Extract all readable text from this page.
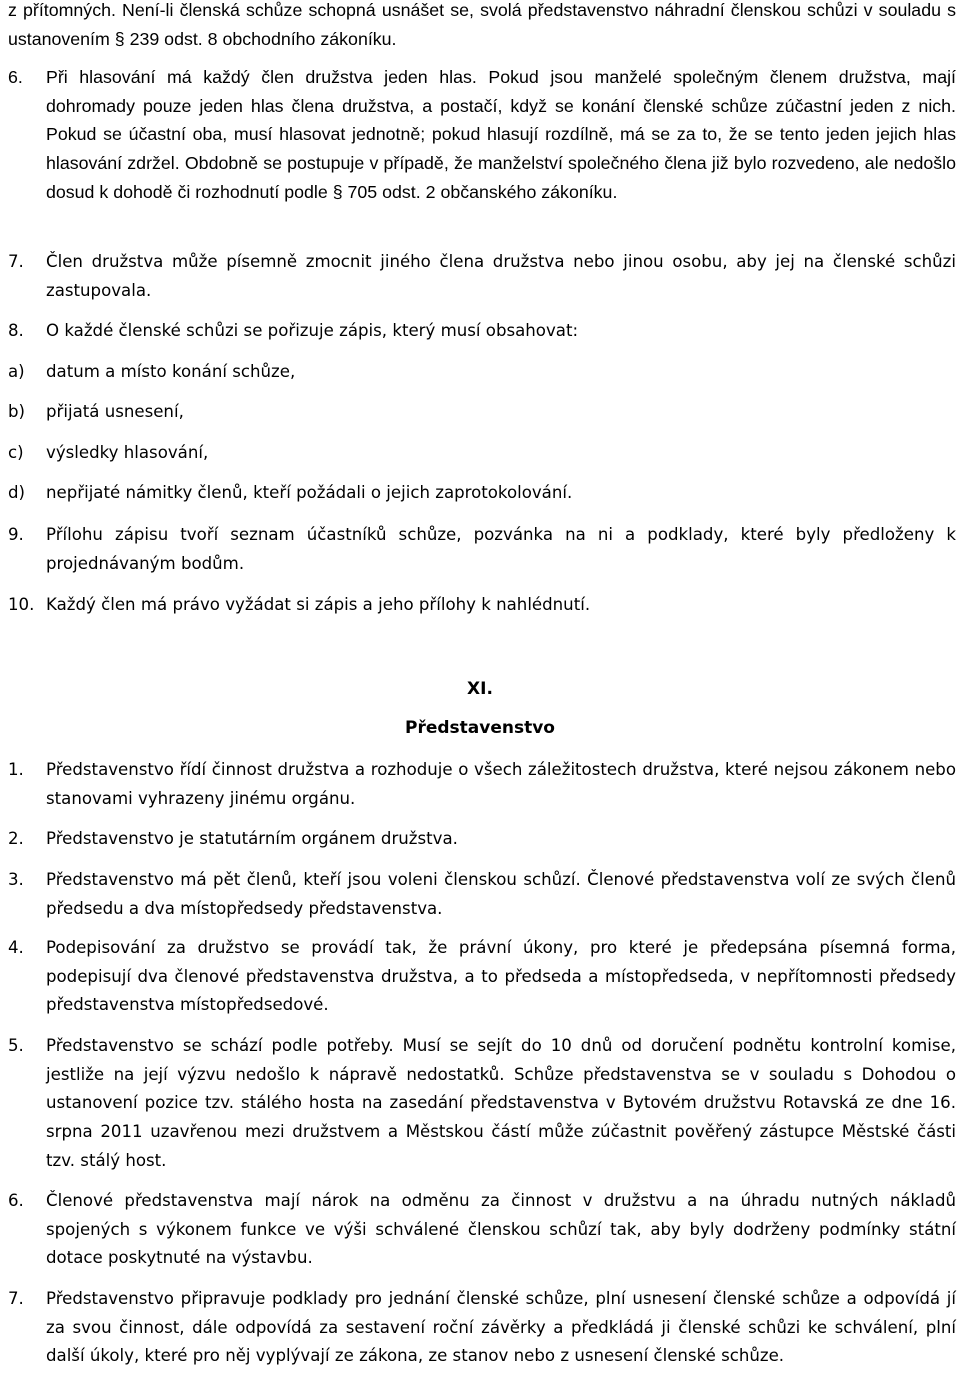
z přítomných. Není-li členská schůze schopná usnášet se, svolá představenstvo náhradní členskou schůzi v souladu s ustanovením § 239 odst. 8 obchodního zákoníku.
6. Při hlasování má každý člen družstva jeden hlas. Pokud jsou manželé společným členem družstva, mají dohromady pouze jeden hlas člena družstva, a postačí, když se konání členské schůze zúčastní jeden z nich. Pokud se účastní oba, musí hlasovat jednotně; pokud hlasují rozdílně, má se za to, že se tento jeden jejich hlas hlasování zdržel. Obdobně se postupuje v případě, že manželství společného člena již bylo rozvedeno, ale nedošlo dosud k dohodě či rozhodnutí podle § 705 odst. 2 občanského zákoníku.
7. Člen družstva může písemně zmocnit jiného člena družstva nebo jinou osobu, aby jej na členské schůzi zastupovala.
8. O každé členské schůzi se pořizuje zápis, který musí obsahovat:
a) datum a místo konání schůze,
b) přijatá usnesení,
c) výsledky hlasování,
d) nepřijaté námitky členů, kteří požádali o jejich zaprotokolování.
9. Přílohu zápisu tvoří seznam účastníků schůze, pozvánka na ni a podklady, které byly předloženy k projednávaným bodům.
10. Každý člen má právo vyžádat si zápis a jeho přílohy k nahlédnutí.
XI.
Představenstvo
1. Představenstvo řídí činnost družstva a rozhoduje o všech záležitostech družstva, které nejsou zákonem nebo stanovami vyhrazeny jinému orgánu.
2. Představenstvo je statutárním orgánem družstva.
3. Představenstvo má pět členů, kteří jsou voleni členskou schůzí. Členové představenstva volí ze svých členů předsedu a dva místopředsedy představenstva.
4. Podepisování za družstvo se provádí tak, že právní úkony, pro které je předepsána písemná forma, podepisují dva členové představenstva družstva, a to předseda a místopředseda, v nepřítomnosti předsedy představenstva místopředsedové.
5. Představenstvo se schází podle potřeby. Musí se sejít do 10 dnů od doručení podnětu kontrolní komise, jestliže na její výzvu nedošlo k nápravě nedostatků. Schůze představenstva se v souladu s Dohodou o ustanovení pozice tzv. stálého hosta na zasedání představenstva v Bytovém družstvu Rotavská ze dne 16. srpna 2011 uzavřenou mezi družstvem a Městskou částí může zúčastnit pověřený zástupce Městské části tzv. stálý host.
6. Členové představenstva mají nárok na odměnu za činnost v družstvu a na úhradu nutných nákladů spojených s výkonem funkce ve výši schválené členskou schůzí tak, aby byly dodrženy podmínky státní dotace poskytnuté na výstavbu.
7. Představenstvo připravuje podklady pro jednání členské schůze, plní usnesení členské schůze a odpovídá jí za svou činnost, dále odpovídá za sestavení roční závěrky a předkládá ji členské schůzi ke schválení, plní další úkoly, které pro něj vyplývají ze zákona, ze stanov nebo z usnesení členské schůze.
